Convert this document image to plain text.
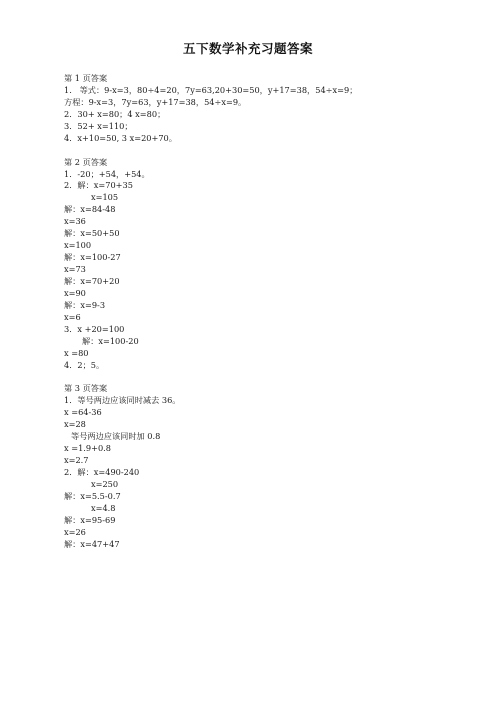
五下数学补充习题答案
第 1 页答案
1.   等式：9-x=3，80÷4=20，7y=63,20+30=50，y+17=38，54÷x=9；
方程：9-x=3，7y=63，y+17=38，54÷x=9。
2．30+ x=80；4 x=80；
3．52+ x=110；
4．x+10=50, 3 x=20+70。
第 2 页答案
1．-20；+54，+54。
2．解：x=70+35
x=105
解：x=84-48
x=36
解：x=50+50
x=100
解：x=100-27
x=73
解：x=70+20
x=90
解：x=9-3
x=6
3．x +20=100
解：x=100-20
x =80
4．2；5。
第 3 页答案
1．等号两边应该同时减去 36。
x =64-36
x=28
等号两边应该同时加 0.8
x =1.9+0.8
x=2.7
2．解：x=490-240
x=250
解：x=5.5-0.7
x=4.8
解：x=95-69
x=26
解：x=47+47
